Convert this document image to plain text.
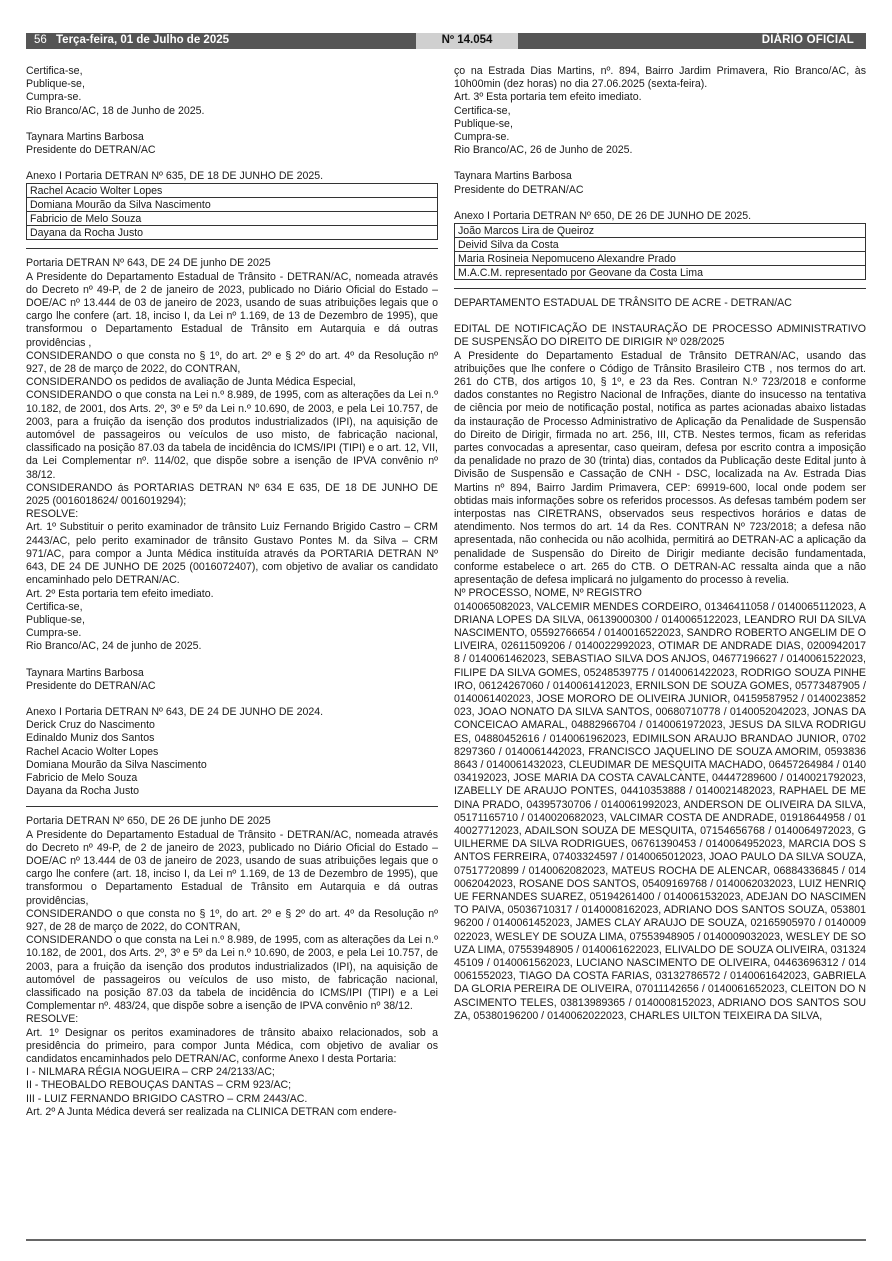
56 Terça-feira, 01 de Julho de 2025	Nº 14.054	DIÁRIO OFICIAL

Certifica-se,

Publique-se,

Cumpra-se.

Rio Branco/AC, 18 de Junho de 2025.

Taynara Martins Barbosa

Presidente do DETRAN/AC

Anexo I Portaria DETRAN Nº 635, DE 18 DE JUNHO DE 2025.

Rachel Acacio Wolter Lopes
Domiana Mourão da Silva Nascimento
Fabricio de Melo Souza
Dayana da Rocha Justo

Portaria DETRAN Nº 643, DE 24 DE junho DE 2025

A Presidente do Departamento Estadual de Trânsito - DETRAN/AC, nomeada através do Decreto nº 49-P, de 2 de janeiro de 2023, publicado no Diário Oficial do Estado – DOE/AC nº 13.444 de 03 de janeiro de 2023, usando de suas atribuições legais que o cargo lhe confere (art. 18, inciso I, da Lei nº 1.169, de 13 de Dezembro de 1995), que transformou o Departamento Estadual de Trânsito em Autarquia e dá outras providências ,

CONSIDERANDO o que consta no § 1º, do art. 2º e § 2º do art. 4º da Resolução nº 927, de 28 de março de 2022, do CONTRAN,

CONSIDERANDO os pedidos de avaliação de Junta Médica Especial,

CONSIDERANDO o que consta na Lei n.º 8.989, de 1995, com as alterações da Lei n.º 10.182, de 2001, dos Arts. 2º, 3º e 5º da Lei n.º 10.690, de 2003, e pela Lei 10.757, de 2003, para a fruição da isenção dos produtos industrializados (IPI), na aquisição de automóvel de passageiros ou veículos de uso misto, de fabricação nacional, classificado na posição 87.03 da tabela de incidência do ICMS/IPI (TIPI) e o art. 12, VII, da Lei Complementar nº. 114/02, que dispõe sobre a isenção de IPVA convênio nº 38/12.

CONSIDERANDO ás PORTARIAS DETRAN Nº 634 E 635, DE 18 DE JUNHO DE 2025 (0016018624/ 0016019294);

RESOLVE:

Art. 1º Substituir o perito examinador de trânsito Luiz Fernando Brigido Castro – CRM 2443/AC, pelo perito examinador de trânsito Gustavo Pontes M. da Silva – CRM 971/AC, para compor a Junta Médica instituída através da PORTARIA DETRAN Nº 643, DE 24 DE JUNHO DE 2025 (0016072407), com objetivo de avaliar os candidato encaminhado pelo DETRAN/AC.

Art. 2º Esta portaria tem efeito imediato.

Certifica-se,

Publique-se,

Cumpra-se.

Rio Branco/AC, 24 de junho de 2025.

Taynara Martins Barbosa

Presidente do DETRAN/AC

Anexo I Portaria DETRAN Nº 643, DE 24 DE JUNHO DE 2024.

Derick Cruz do Nascimento

Edinaldo Muniz dos Santos

Rachel Acacio Wolter Lopes

Domiana Mourão da Silva Nascimento

Fabricio de Melo Souza

Dayana da Rocha Justo

Portaria DETRAN Nº 650, DE 26 DE junho DE 2025

A Presidente do Departamento Estadual de Trânsito - DETRAN/AC, nomeada através do Decreto nº 49-P, de 2 de janeiro de 2023, publicado no Diário Oficial do Estado – DOE/AC nº 13.444 de 03 de janeiro de 2023, usando de suas atribuições legais que o cargo lhe confere (art. 18, inciso I, da Lei nº 1.169, de 13 de Dezembro de 1995), que transformou o Departamento Estadual de Trânsito em Autarquia e dá outras providências,

CONSIDERANDO o que consta no § 1º, do art. 2º e § 2º do art. 4º da Resolução nº 927, de 28 de março de 2022, do CONTRAN,

CONSIDERANDO o que consta na Lei n.º 8.989, de 1995, com as alterações da Lei n.º 10.182, de 2001, dos Arts. 2º, 3º e 5º da Lei n.º 10.690, de 2003, e pela Lei 10.757, de 2003, para a fruição da isenção dos produtos industrializados (IPI), na aquisição de automóvel de passageiros ou veículos de uso misto, de fabricação nacional, classificado na posição 87.03 da tabela de incidência do ICMS/IPI (TIPI) e a Lei Complementar nº. 483/24, que dispõe sobre a isenção de IPVA convênio nº 38/12.

RESOLVE:

Art. 1º Designar os peritos examinadores de trânsito abaixo relacionados, sob a presidência do primeiro, para compor Junta Médica, com objetivo de avaliar os candidatos encaminhados pelo DETRAN/AC, conforme Anexo I desta Portaria:

I - NILMARA RÉGIA NOGUEIRA – CRP 24/2133/AC;

II - THEOBALDO REBOUÇAS DANTAS – CRM 923/AC;

III - LUIZ FERNANDO BRIGIDO CASTRO – CRM 2443/AC.

Art. 2º A Junta Médica deverá ser realizada na CLINICA DETRAN com endere-

ço na Estrada Dias Martins, nº. 894, Bairro Jardim Primavera, Rio Branco/AC, às 10h00min (dez horas) no dia 27.06.2025 (sexta-feira).

Art. 3º Esta portaria tem efeito imediato.

Certifica-se,

Publique-se,

Cumpra-se.

Rio Branco/AC, 26 de Junho de 2025.

Taynara Martins Barbosa

Presidente do DETRAN/AC

Anexo I Portaria DETRAN Nº 650, DE 26 DE JUNHO DE 2025.

João Marcos Lira de Queiroz
Deivid Silva da Costa
Maria Rosineia Nepomuceno Alexandre Prado
M.A.C.M. representado por Geovane da Costa Lima

DEPARTAMENTO ESTADUAL DE TRÂNSITO DE ACRE - DETRAN/AC

EDITAL DE NOTIFICAÇÃO DE INSTAURAÇÃO DE PROCESSO ADMINISTRATIVO DE SUSPENSÃO DO DIREITO DE DIRIGIR Nº 028/2025

A Presidente do Departamento Estadual de Trânsito DETRAN/AC, usando das atribuições que lhe confere o Código de Trânsito Brasileiro CTB , nos termos do art. 261 do CTB, dos artigos 10, § 1º, e 23 da Res. Contran N.º 723/2018 e conforme dados constantes no Registro Nacional de Infrações, diante do insucesso na tentativa de ciência por meio de notificação postal, notifica as partes acionadas abaixo listadas da instauração de Processo Administrativo de Aplicação da Penalidade de Suspensão do Direito de Dirigir, firmada no art. 256, III, CTB. Nestes termos, ficam as referidas partes convocadas a apresentar, caso queiram, defesa por escrito contra a imposição da penalidade no prazo de 30 (trinta) dias, contados da Publicação deste Edital junto à Divisão de Suspensão e Cassação de CNH - DSC, localizada na Av. Estrada Dias Martins nº 894, Bairro Jardim Primavera, CEP: 69919-600, local onde podem ser obtidas mais informações sobre os referidos processos. As defesas também podem ser interpostas nas CIRETRANS, observados seus respectivos horários e datas de atendimento. Nos termos do art. 14 da Res. CONTRAN Nº 723/2018; a defesa não apresentada, não conhecida ou não acolhida, permitirá ao DETRAN-AC a aplicação da penalidade de Suspensão do Direito de Dirigir mediante decisão fundamentada, conforme estabelece o art. 265 do CTB. O DETRAN-AC ressalta ainda que a não apresentação de defesa implicará no julgamento do processo à revelia.

Nº PROCESSO, NOME, Nº REGISTRO

0140065082023, VALCEMIR MENDES CORDEIRO, 01346411058 / 0140065112023, ADRIANA LOPES DA SILVA, 06139000300 / 0140065122023, LEANDRO RUI DA SILVA NASCIMENTO, 05592766654 / 0140016522023, SANDRO ROBERTO ANGELIM DE OLIVEIRA, 02611509206 / 0140022992023, OTIMAR DE ANDRADE DIAS, 02009420178 / 0140061462023, SEBASTIAO SILVA DOS ANJOS, 04677196627 / 0140061522023, FILIPE DA SILVA GOMES, 05248539775 / 0140061422023, RODRIGO SOUZA PINHEIRO, 06124267060 / 0140061412023, ERNILSON DE SOUZA GOMES, 05773487905 / 0140061402023, JOSE MORORO DE OLIVEIRA JUNIOR, 04159587952 / 0140023852023, JOAO NONATO DA SILVA SANTOS, 00680710778 / 0140052042023, JONAS DA CONCEICAO AMARAL, 04882966704 / 0140061972023, JESUS DA SILVA RODRIGUES, 04880452616 / 0140061962023, EDIMILSON ARAUJO BRANDAO JUNIOR, 07028297360 / 0140061442023, FRANCISCO JAQUELINO DE SOUZA AMORIM, 05938368643 / 0140061432023, CLEUDIMAR DE MESQUITA MACHADO, 06457264984 / 0140034192023, JOSE MARIA DA COSTA CAVALCANTE, 04447289600 / 0140021792023, IZABELLY DE ARAUJO PONTES, 04410353888 / 0140021482023, RAPHAEL DE MEDINA PRADO, 04395730706 / 0140061992023, ANDERSON DE OLIVEIRA DA SILVA, 05171165710 / 0140020682023, VALCIMAR COSTA DE ANDRADE, 01918644958 / 0140027712023, ADAILSON SOUZA DE MESQUITA, 07154656768 / 0140064972023, GUILHERME DA SILVA RODRIGUES, 06761390453 / 0140064952023, MARCIA DOS SANTOS FERREIRA, 07403324597 / 0140065012023, JOAO PAULO DA SILVA SOUZA, 07517720899 / 0140062082023, MATEUS ROCHA DE ALENCAR, 06884336845 / 0140062042023, ROSANE DOS SANTOS, 05409169768 / 0140062032023, LUIZ HENRIQUE FERNANDES SUAREZ, 05194261400 / 0140061532023, ADEJAN DO NASCIMENTO PAIVA, 05036710317 / 0140008162023, ADRIANO DOS SANTOS SOUZA, 05380196200 / 0140061452023, JAMES CLAY ARAUJO DE SOUZA, 02165905970 / 0140009022023, WESLEY DE SOUZA LIMA, 07553948905 / 0140009032023, WESLEY DE SOUZA LIMA, 07553948905 / 0140061622023, ELIVALDO DE SOUZA OLIVEIRA, 03132445109 / 0140061562023, LUCIANO NASCIMENTO DE OLIVEIRA, 04463696312 / 0140061552023, TIAGO DA COSTA FARIAS, 03132786572 / 0140061642023, GABRIELA DA GLORIA PEREIRA DE OLIVEIRA, 07011142656 / 0140061652023, CLEITON DO NASCIMENTO TELES, 03813989365 / 0140008152023, ADRIANO DOS SANTOS SOUZA, 05380196200 / 0140062022023, CHARLES UILTON TEIXEIRA DA SILVA,
